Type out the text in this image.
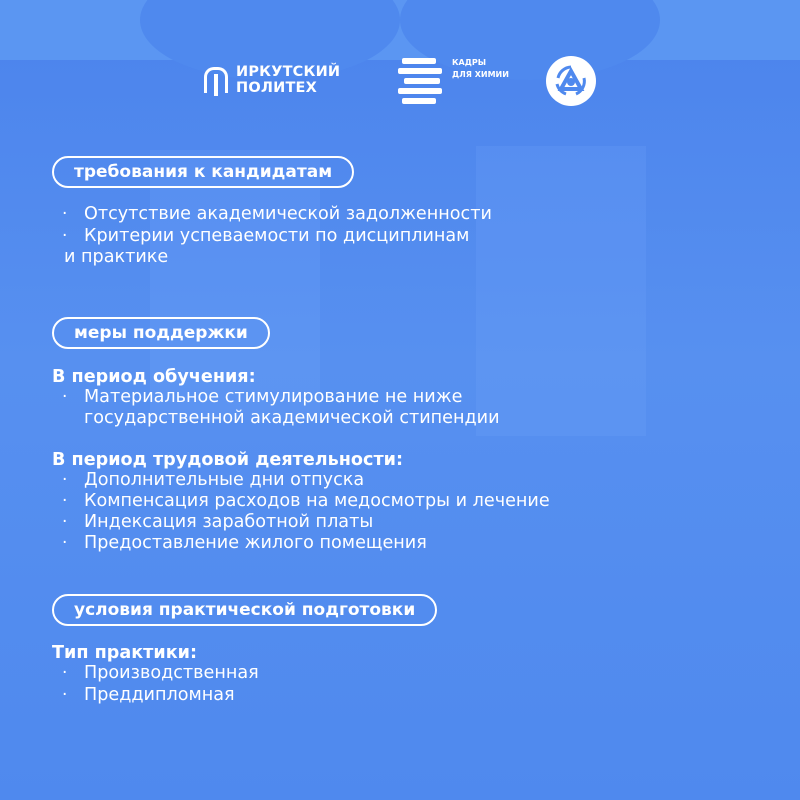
ИРКУТСКИЙ
ПОЛИТЕХ
КАДРЫ
ДЛЯ ХИМИИ
требования к кандидатам
· Отсутствие академической задолженности
· Критерии успеваемости по дисциплинам
и практике
меры поддержки
В период обучения:
· Материальное стимулирование не ниже
государственной академической стипендии
В период трудовой деятельности:
· Дополнительные дни отпуска
· Компенсация расходов на медосмотры и лечение
· Индексация заработной платы
· Предоставление жилого помещения
условия практической подготовки
Тип практики:
· Производственная
· Преддипломная
